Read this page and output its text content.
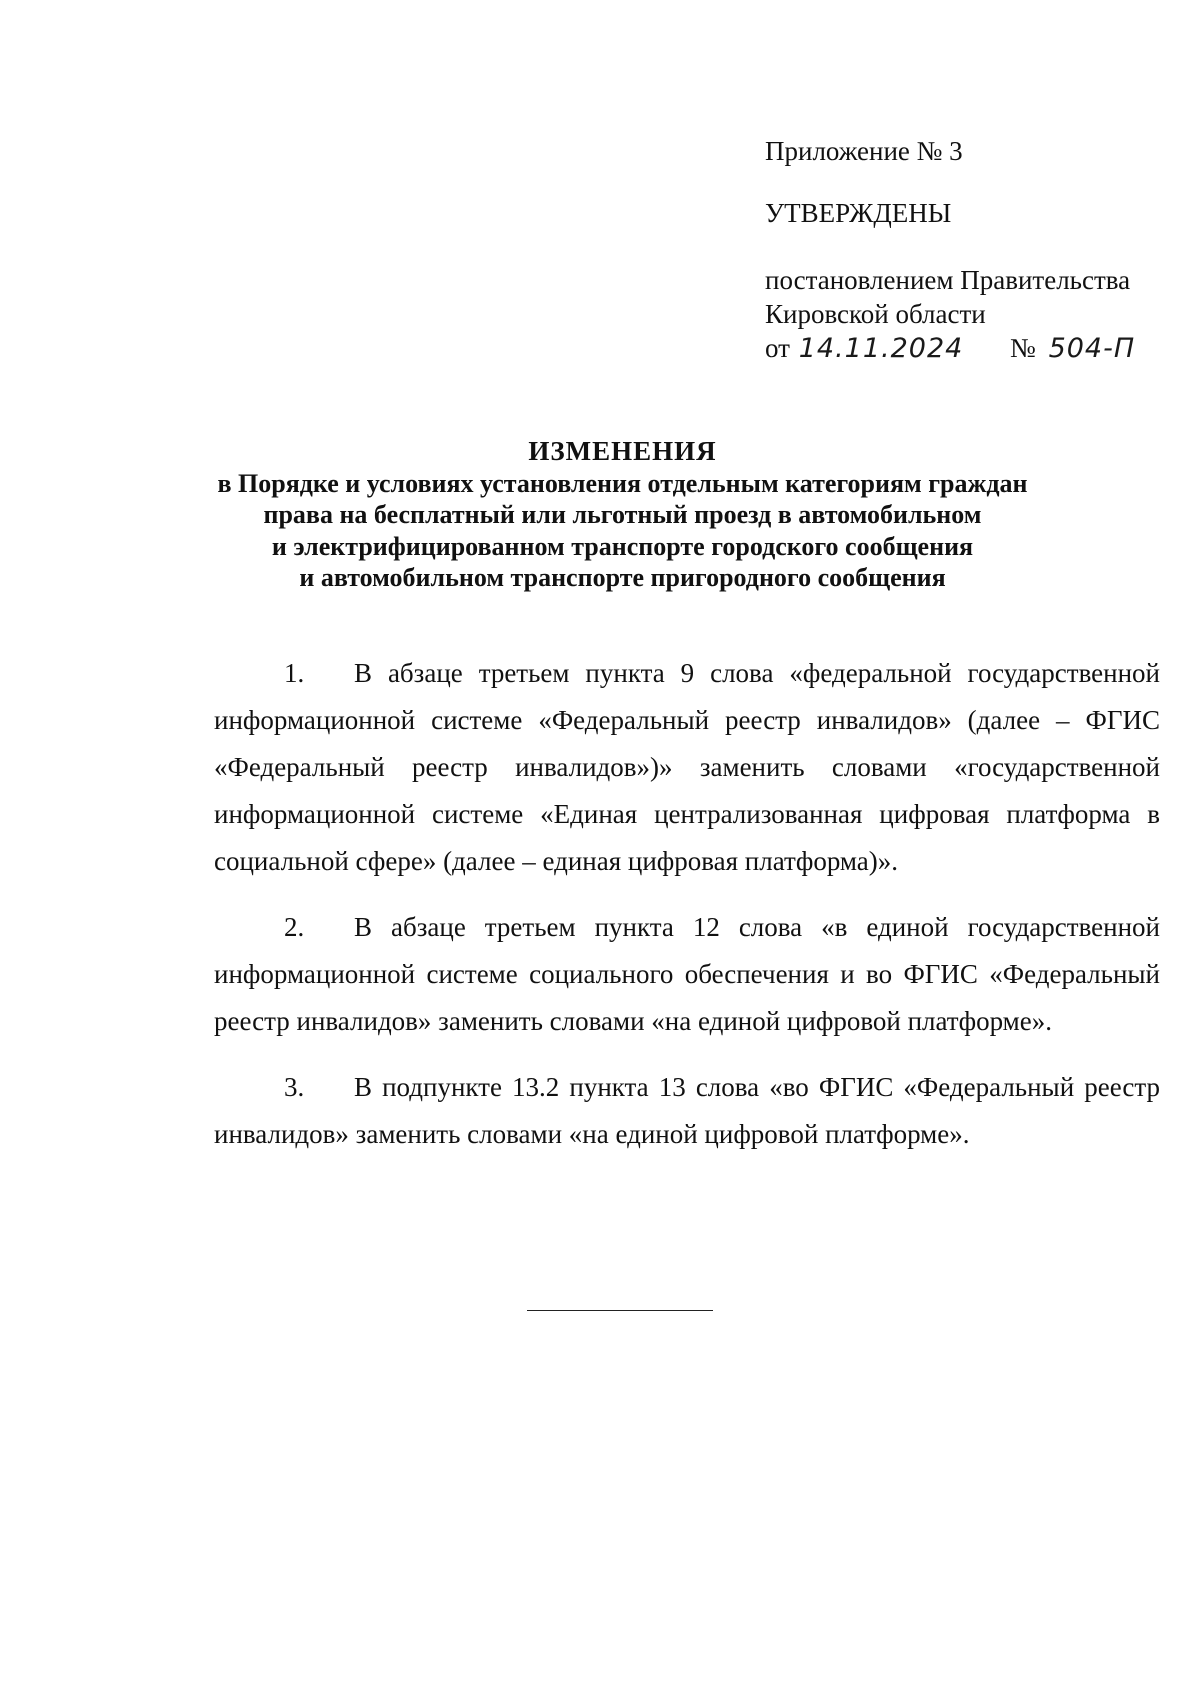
Приложение № 3
УТВЕРЖДЕНЫ
постановлением Правительства
Кировской области
от 14.11.2024 № 504-П
ИЗМЕНЕНИЯ
в Порядке и условиях установления отдельным категориям граждан
права на бесплатный или льготный проезд в автомобильном
и электрифицированном транспорте городского сообщения
и автомобильном транспорте пригородного сообщения

1. В абзаце третьем пункта 9 слова «федеральной государственной информационной системе «Федеральный реестр инвалидов» (далее – ФГИС «Федеральный реестр инвалидов»)» заменить словами «государственной информационной системе «Единая централизованная цифровая платформа в социальной сфере» (далее – единая цифровая платформа)».

2. В абзаце третьем пункта 12 слова «в единой государственной информационной системе социального обеспечения и во ФГИС «Федеральный реестр инвалидов» заменить словами «на единой цифровой платформе».

3. В подпункте 13.2 пункта 13 слова «во ФГИС «Федеральный реестр инвалидов» заменить словами «на единой цифровой платформе».
